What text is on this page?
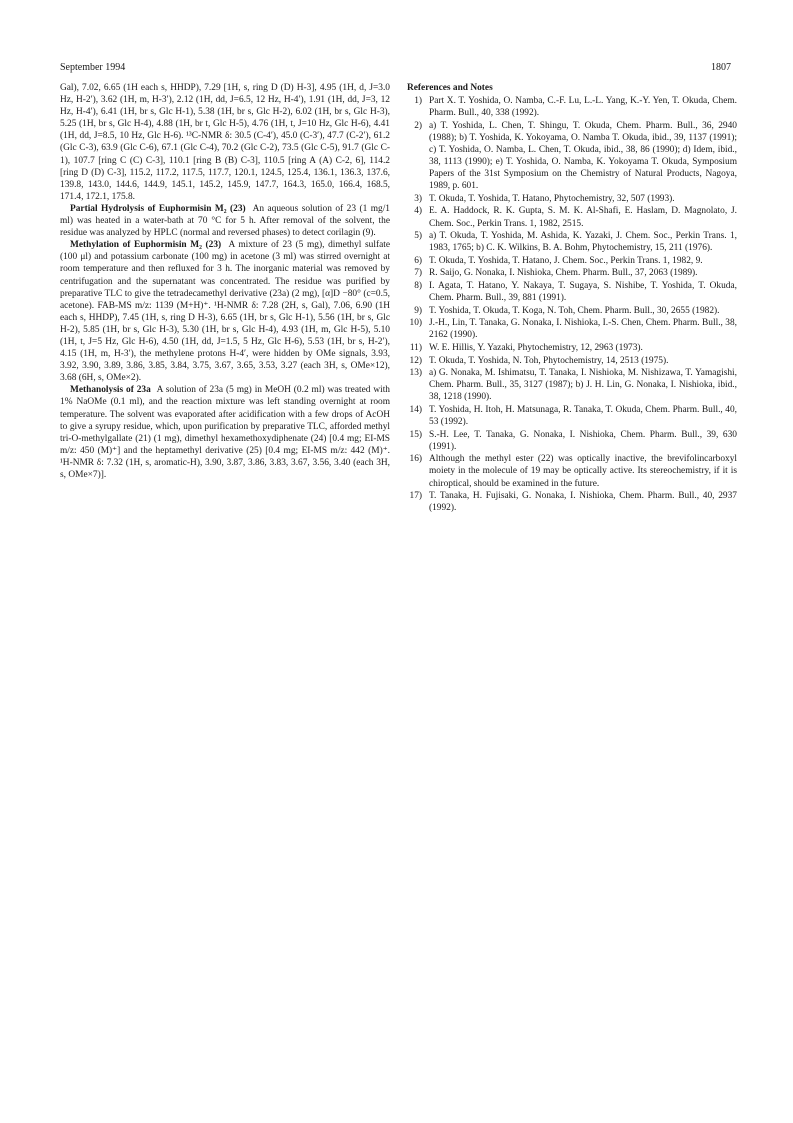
September 1994	1807

Gal), 7.02, 6.65 (1H each s, HHDP), 7.29 [1H, s, ring D (D) H-3], 4.95 (1H, d, J=3.0 Hz, H-2′), 3.62 (1H, m, H-3′), 2.12 (1H, dd, J=6.5, 12 Hz, H-4′), 1.91 (1H, dd, J=3, 12 Hz, H-4′), 6.41 (1H, br s, Glc H-1), 5.38 (1H, br s, Glc H-2), 6.02 (1H, br s, Glc H-3), 5.25 (1H, br s, Glc H-4), 4.88 (1H, br t, Glc H-5), 4.76 (1H, t, J=10 Hz, Glc H-6), 4.41 (1H, dd, J=8.5, 10 Hz, Glc H-6). ¹³C-NMR δ: 30.5 (C-4′), 45.0 (C-3′), 47.7 (C-2′), 61.2 (Glc C-3), 63.9 (Glc C-6), 67.1 (Glc C-4), 70.2 (Glc C-2), 73.5 (Glc C-5), 91.7 (Glc C-1), 107.7 [ring C (C) C-3], 110.1 [ring B (B) C-3], 110.5 [ring A (A) C-2, 6], 114.2 [ring D (D) C-3], 115.2, 117.2, 117.5, 117.7, 120.1, 124.5, 125.4, 136.1, 136.3, 137.6, 139.8, 143.0, 144.6, 144.9, 145.1, 145.2, 145.9, 147.7, 164.3, 165.0, 166.4, 168.5, 171.4, 172.1, 175.8.

Partial Hydrolysis of Euphormisin M₂ (23) An aqueous solution of 23 (1 mg/1 ml) was heated in a water-bath at 70 °C for 5 h. After removal of the solvent, the residue was analyzed by HPLC (normal and reversed phases) to detect corilagin (9).

Methylation of Euphormisin M₂ (23) A mixture of 23 (5 mg), dimethyl sulfate (100 μl) and potassium carbonate (100 mg) in acetone (3 ml) was stirred overnight at room temperature and then refluxed for 3 h. The inorganic material was removed by centrifugation and the supernatant was concentrated. The residue was purified by preparative TLC to give the tetradecamethyl derivative (23a) (2 mg), [α]D −80° (c=0.5, acetone). FAB-MS m/z: 1139 (M+H)⁺. ¹H-NMR δ: 7.28 (2H, s, Gal), 7.06, 6.90 (1H each s, HHDP), 7.45 (1H, s, ring D H-3), 6.65 (1H, br s, Glc H-1), 5.56 (1H, br s, Glc H-2), 5.85 (1H, br s, Glc H-3), 5.30 (1H, br s, Glc H-4), 4.93 (1H, m, Glc H-5), 5.10 (1H, t, J=5 Hz, Glc H-6), 4.50 (1H, dd, J=1.5, 5 Hz, Glc H-6), 5.53 (1H, br s, H-2′), 4.15 (1H, m, H-3′), the methylene protons H-4′, were hidden by OMe signals, 3.93, 3.92, 3.90, 3.89, 3.86, 3.85, 3.84, 3.75, 3.67, 3.65, 3.53, 3.27 (each 3H, s, OMe×12), 3.68 (6H, s, OMe×2).

Methanolysis of 23a A solution of 23a (5 mg) in MeOH (0.2 ml) was treated with 1% NaOMe (0.1 ml), and the reaction mixture was left standing overnight at room temperature. The solvent was evaporated after acidification with a few drops of AcOH to give a syrupy residue, which, upon purification by preparative TLC, afforded methyl tri-O-methylgallate (21) (1 mg), dimethyl hexamethoxydiphenate (24) [0.4 mg; EI-MS m/z: 450 (M)⁺] and the heptamethyl derivative (25) [0.4 mg; EI-MS m/z: 442 (M)⁺. ¹H-NMR δ: 7.32 (1H, s, aromatic-H), 3.90, 3.87, 3.86, 3.83, 3.67, 3.56, 3.40 (each 3H, s, OMe×7)].

References and Notes
1) Part X. T. Yoshida, O. Namba, C.-F. Lu, L.-L. Yang, K.-Y. Yen, T. Okuda, Chem. Pharm. Bull., 40, 338 (1992).
2) a) T. Yoshida, L. Chen, T. Shingu, T. Okuda, Chem. Pharm. Bull., 36, 2940 (1988); b) T. Yoshida, K. Yokoyama, O. Namba T. Okuda, ibid., 39, 1137 (1991); c) T. Yoshida, O. Namba, L. Chen, T. Okuda, ibid., 38, 86 (1990); d) Idem, ibid., 38, 1113 (1990); e) T. Yoshida, O. Namba, K. Yokoyama T. Okuda, Symposium Papers of the 31st Symposium on the Chemistry of Natural Products, Nagoya, 1989, p. 601.
3) T. Okuda, T. Yoshida, T. Hatano, Phytochemistry, 32, 507 (1993).
4) E. A. Haddock, R. K. Gupta, S. M. K. Al-Shafi, E. Haslam, D. Magnolato, J. Chem. Soc., Perkin Trans. 1, 1982, 2515.
5) a) T. Okuda, T. Yoshida, M. Ashida, K. Yazaki, J. Chem. Soc., Perkin Trans. 1, 1983, 1765; b) C. K. Wilkins, B. A. Bohm, Phytochemistry, 15, 211 (1976).
6) T. Okuda, T. Yoshida, T. Hatano, J. Chem. Soc., Perkin Trans. 1, 1982, 9.
7) R. Saijo, G. Nonaka, I. Nishioka, Chem. Pharm. Bull., 37, 2063 (1989).
8) I. Agata, T. Hatano, Y. Nakaya, T. Sugaya, S. Nishibe, T. Yoshida, T. Okuda, Chem. Pharm. Bull., 39, 881 (1991).
9) T. Yoshida, T. Okuda, T. Koga, N. Toh, Chem. Pharm. Bull., 30, 2655 (1982).
10) J.-H., Lin, T. Tanaka, G. Nonaka, I. Nishioka, I.-S. Chen, Chem. Pharm. Bull., 38, 2162 (1990).
11) W. E. Hillis, Y. Yazaki, Phytochemistry, 12, 2963 (1973).
12) T. Okuda, T. Yoshida, N. Toh, Phytochemistry, 14, 2513 (1975).
13) a) G. Nonaka, M. Ishimatsu, T. Tanaka, I. Nishioka, M. Nishizawa, T. Yamagishi, Chem. Pharm. Bull., 35, 3127 (1987); b) J. H. Lin, G. Nonaka, I. Nishioka, ibid., 38, 1218 (1990).
14) T. Yoshida, H. Itoh, H. Matsunaga, R. Tanaka, T. Okuda, Chem. Pharm. Bull., 40, 53 (1992).
15) S.-H. Lee, T. Tanaka, G. Nonaka, I. Nishioka, Chem. Pharm. Bull., 39, 630 (1991).
16) Although the methyl ester (22) was optically inactive, the brevifolincarboxyl moiety in the molecule of 19 may be optically active. Its stereochemistry, if it is chiroptical, should be examined in the future.
17) T. Tanaka, H. Fujisaki, G. Nonaka, I. Nishioka, Chem. Pharm. Bull., 40, 2937 (1992).
